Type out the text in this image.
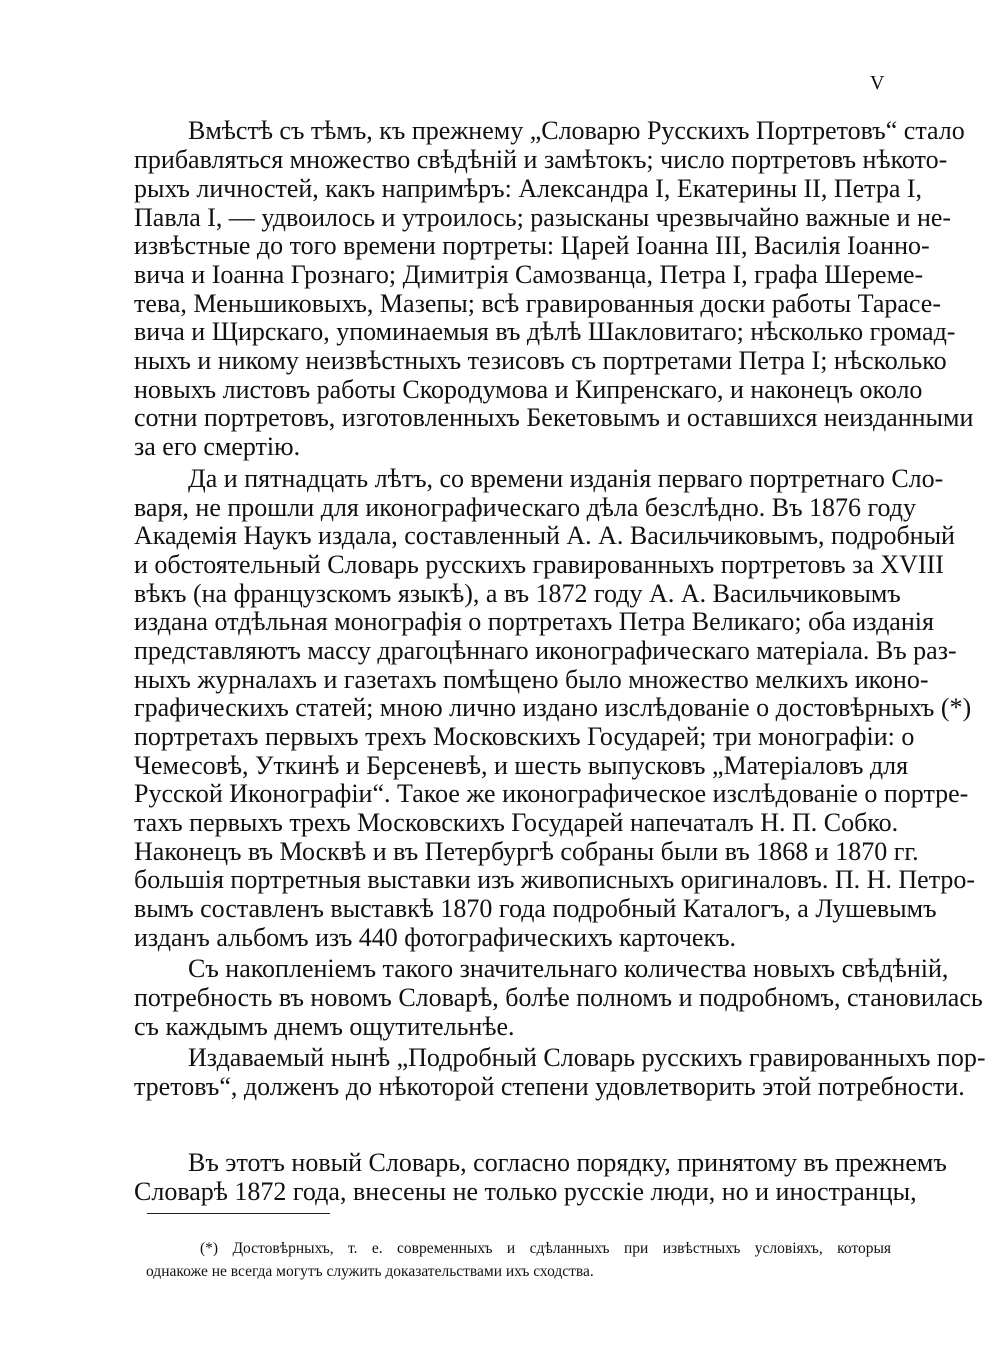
V
Вмѣстѣ съ тѣмъ, къ прежнему „Словарю Русскихъ Портретовъ“ стало
прибавляться множество свѣдѣнiй и замѣтокъ; число портретовъ нѣкото-
рыхъ личностей, какъ напримѣръ: Александра I, Екатерины II, Петра I,
Павла I, — удвоилось и утроилось; разысканы чрезвычайно важные и не-
извѣстные до того времени портреты: Царей Iоанна III, Василiя Iоанно-
вича и Iоанна Грознаго; Димитрiя Самозванца, Петра I, графа Шереме-
тева, Меньшиковыхъ, Мазепы; всѣ гравированныя доски работы Тарасе-
вича и Щирскаго, упоминаемыя въ дѣлѣ Шакловитаго; нѣсколько громад-
ныхъ и никому неизвѣстныхъ тезисовъ съ портретами Петра I; нѣсколько
новыхъ листовъ работы Скородумова и Кипренскаго, и наконецъ около
сотни портретовъ, изготовленныхъ Бекетовымъ и оставшихся неизданными
за его смертiю.
Да и пятнадцать лѣтъ, со времени изданiя перваго портретнаго Сло-
варя, не прошли для иконографическаго дѣла безслѣдно. Въ 1876 году
Академiя Наукъ издала, составленный А. А. Васильчиковымъ, подробный
и обстоятельный Словарь русскихъ гравированныхъ портретовъ за XVIII
вѣкъ (на французскомъ языкѣ), а въ 1872 году А. А. Васильчиковымъ
издана отдѣльная монографiя о портретахъ Петра Великаго; оба изданiя
представляютъ массу драгоцѣннаго иконографическаго матерiала. Въ раз-
ныхъ журналахъ и газетахъ помѣщено было множество мелкихъ иконо-
графическихъ статей; мною лично издано изслѣдованiе о достовѣрныхъ (*)
портретахъ первыхъ трехъ Московскихъ Государей; три монографiи: о
Чемесовѣ, Уткинѣ и Берсеневѣ, и шесть выпусковъ „Матерiаловъ для
Русской Иконографiи“. Такое же иконографическое изслѣдованiе о портре-
тахъ первыхъ трехъ Московскихъ Государей напечаталъ Н. П. Собко.
Наконецъ въ Москвѣ и въ Петербургѣ собраны были въ 1868 и 1870 гг.
большiя портретныя выставки изъ живописныхъ оригиналовъ. П. Н. Петро-
вымъ составленъ выставкѣ 1870 года подробный Каталогъ, а Лушевымъ
изданъ альбомъ изъ 440 фотографическихъ карточекъ.
Съ накопленiемъ такого значительнаго количества новыхъ свѣдѣнiй,
потребность въ новомъ Словарѣ, болѣе полномъ и подробномъ, становилась
съ каждымъ днемъ ощутительнѣе.
Издаваемый нынѣ „Подробный Словарь русскихъ гравированныхъ пор-
третовъ“, долженъ до нѣкоторой степени удовлетворить этой потребности.
Въ этотъ новый Словарь, согласно порядку, принятому въ прежнемъ
Словарѣ 1872 года, внесены не только русскiе люди, но и иностранцы,
(*) Достовѣрныхъ, т. е. современныхъ и сдѣланныхъ при извѣстныхъ условiяхъ, которыя
однакоже не всегда могутъ служить доказательствами ихъ сходства.
